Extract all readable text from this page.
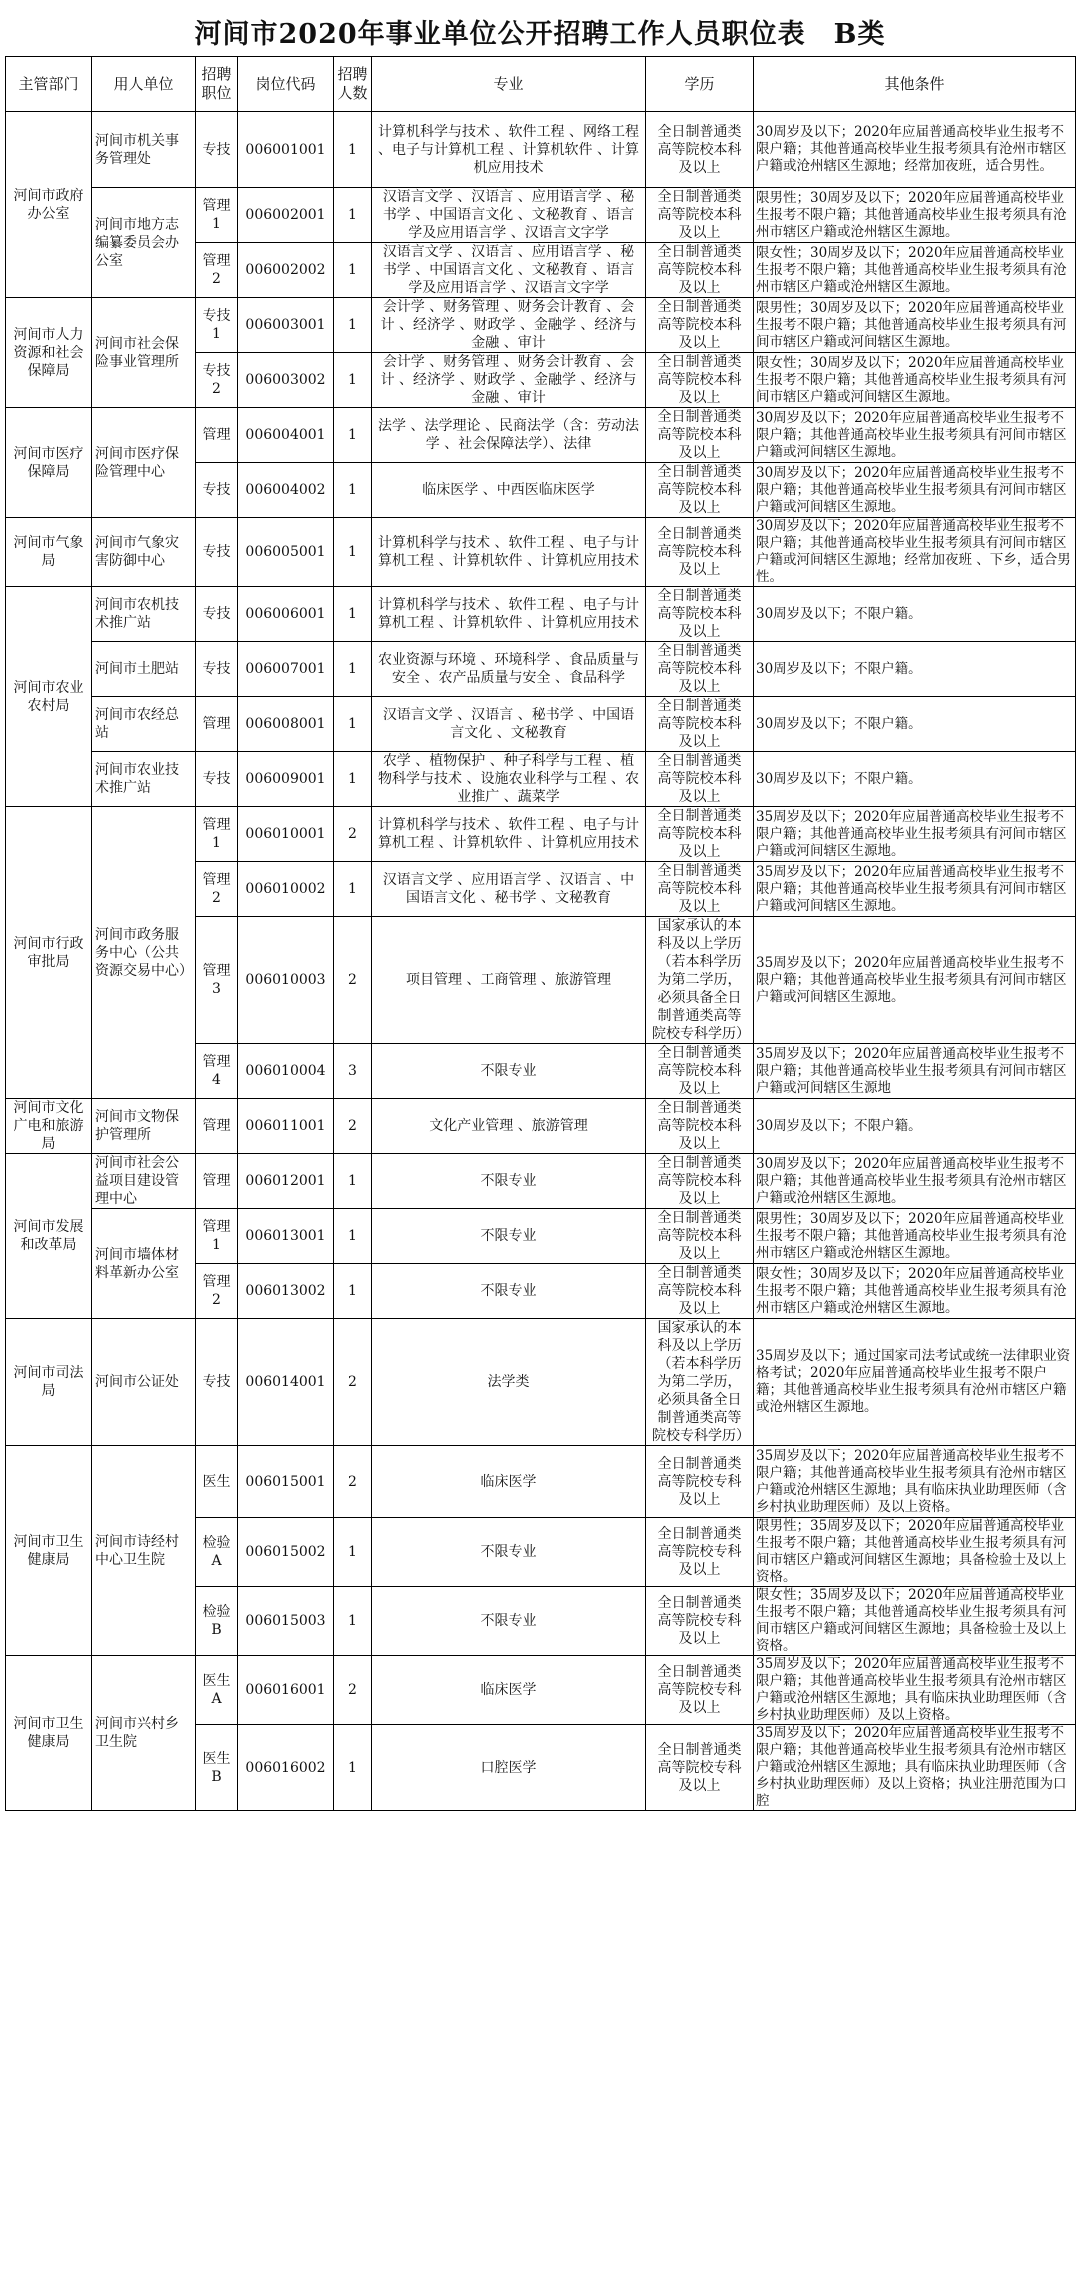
河间市2020年事业单位公开招聘工作人员职位表　B类
主管部门	用人单位	招聘职位	岗位代码	招聘人数	专业	学历	其他条件
河间市政府办公室	河间市机关事务管理处	专技	006001001	1	计算机科学与技术 、软件工程 、网络工程 、电子与计算机工程 、计算机软件 、计算机应用技术	全日制普通类高等院校本科及以上	30周岁及以下；2020年应届普通高校毕业生报考不限户籍；其他普通高校毕业生报考须具有沧州市辖区户籍或沧州辖区生源地；经常加夜班，适合男性。
	河间市地方志编纂委员会办公室	管理1	006002001	1	汉语言文学 、汉语言 、应用语言学 、秘书学 、中国语言文化 、文秘教育 、语言学及应用语言学 、汉语言文字学	全日制普通类高等院校本科及以上	限男性；30周岁及以下；2020年应届普通高校毕业生报考不限户籍；其他普通高校毕业生报考须具有沧州市辖区户籍或沧州辖区生源地。
		管理2	006002002	1	汉语言文学 、汉语言 、应用语言学 、秘书学 、中国语言文化 、文秘教育 、语言学及应用语言学 、汉语言文字学	全日制普通类高等院校本科及以上	限女性；30周岁及以下；2020年应届普通高校毕业生报考不限户籍；其他普通高校毕业生报考须具有沧州市辖区户籍或沧州辖区生源地。
河间市人力资源和社会保障局	河间市社会保险事业管理所	专技1	006003001	1	会计学 、财务管理 、财务会计教育 、会计 、经济学 、财政学 、金融学 、经济与金融 、审计	全日制普通类高等院校本科及以上	限男性；30周岁及以下；2020年应届普通高校毕业生报考不限户籍；其他普通高校毕业生报考须具有河间市辖区户籍或河间辖区生源地。
		专技2	006003002	1	会计学 、财务管理 、财务会计教育 、会计 、经济学 、财政学 、金融学 、经济与金融 、审计	全日制普通类高等院校本科及以上	限女性；30周岁及以下；2020年应届普通高校毕业生报考不限户籍；其他普通高校毕业生报考须具有河间市辖区户籍或河间辖区生源地。
河间市医疗保障局	河间市医疗保险管理中心	管理	006004001	1	法学 、法学理论 、民商法学（含：劳动法学 、社会保障法学）、法律	全日制普通类高等院校本科及以上	30周岁及以下；2020年应届普通高校毕业生报考不限户籍；其他普通高校毕业生报考须具有河间市辖区户籍或河间辖区生源地。
		专技	006004002	1	临床医学 、中西医临床医学	全日制普通类高等院校本科及以上	30周岁及以下；2020年应届普通高校毕业生报考不限户籍；其他普通高校毕业生报考须具有河间市辖区户籍或河间辖区生源地。
河间市气象局	河间市气象灾害防御中心	专技	006005001	1	计算机科学与技术 、软件工程 、电子与计算机工程 、计算机软件 、计算机应用技术	全日制普通类高等院校本科及以上	30周岁及以下；2020年应届普通高校毕业生报考不限户籍；其他普通高校毕业生报考须具有河间市辖区户籍或河间辖区生源地；经常加夜班 、下乡，适合男性。
河间市农业农村局	河间市农机技术推广站	专技	006006001	1	计算机科学与技术 、软件工程 、电子与计算机工程 、计算机软件 、计算机应用技术	全日制普通类高等院校本科及以上	30周岁及以下；不限户籍。
	河间市土肥站	专技	006007001	1	农业资源与环境 、环境科学 、食品质量与安全 、农产品质量与安全 、食品科学	全日制普通类高等院校本科及以上	30周岁及以下；不限户籍。
	河间市农经总站	管理	006008001	1	汉语言文学 、汉语言 、秘书学 、中国语言文化 、文秘教育	全日制普通类高等院校本科及以上	30周岁及以下；不限户籍。
	河间市农业技术推广站	专技	006009001	1	农学 、植物保护 、种子科学与工程 、植物科学与技术 、设施农业科学与工程 、农业推广 、蔬菜学	全日制普通类高等院校本科及以上	30周岁及以下；不限户籍。
河间市行政审批局	河间市政务服务中心（公共资源交易中心）	管理1	006010001	2	计算机科学与技术 、软件工程 、电子与计算机工程 、计算机软件 、计算机应用技术	全日制普通类高等院校本科及以上	35周岁及以下；2020年应届普通高校毕业生报考不限户籍；其他普通高校毕业生报考须具有河间市辖区户籍或河间辖区生源地。
		管理2	006010002	1	汉语言文学 、应用语言学 、汉语言 、中国语言文化 、秘书学 、文秘教育	全日制普通类高等院校本科及以上	35周岁及以下；2020年应届普通高校毕业生报考不限户籍；其他普通高校毕业生报考须具有河间市辖区户籍或河间辖区生源地。
		管理3	006010003	2	项目管理 、工商管理 、旅游管理	国家承认的本科及以上学历（若本科学历为第二学历，必须具备全日制普通类高等院校专科学历）	35周岁及以下；2020年应届普通高校毕业生报考不限户籍；其他普通高校毕业生报考须具有河间市辖区户籍或河间辖区生源地。
		管理4	006010004	3	不限专业	全日制普通类高等院校本科及以上	35周岁及以下；2020年应届普通高校毕业生报考不限户籍；其他普通高校毕业生报考须具有河间市辖区户籍或河间辖区生源地
河间市文化广电和旅游局	河间市文物保护管理所	管理	006011001	2	文化产业管理 、旅游管理	全日制普通类高等院校本科及以上	30周岁及以下；不限户籍。
河间市发展和改革局	河间市社会公益项目建设管理中心	管理	006012001	1	不限专业	全日制普通类高等院校本科及以上	30周岁及以下；2020年应届普通高校毕业生报考不限户籍；其他普通高校毕业生报考须具有沧州市辖区户籍或沧州辖区生源地。
	河间市墙体材料革新办公室	管理1	006013001	1	不限专业	全日制普通类高等院校本科及以上	限男性；30周岁及以下；2020年应届普通高校毕业生报考不限户籍；其他普通高校毕业生报考须具有沧州市辖区户籍或沧州辖区生源地。
		管理2	006013002	1	不限专业	全日制普通类高等院校本科及以上	限女性；30周岁及以下；2020年应届普通高校毕业生报考不限户籍；其他普通高校毕业生报考须具有沧州市辖区户籍或沧州辖区生源地。
河间市司法局	河间市公证处	专技	006014001	2	法学类	国家承认的本科及以上学历（若本科学历为第二学历，必须具备全日制普通类高等院校专科学历）	35周岁及以下；通过国家司法考试或统一法律职业资格考试；2020年应届普通高校毕业生报考不限户籍；其他普通高校毕业生报考须具有沧州市辖区户籍或沧州辖区生源地。
河间市卫生健康局	河间市诗经村中心卫生院	医生	006015001	2	临床医学	全日制普通类高等院校专科及以上	35周岁及以下；2020年应届普通高校毕业生报考不限户籍；其他普通高校毕业生报考须具有沧州市辖区户籍或沧州辖区生源地；具有临床执业助理医师（含乡村执业助理医师）及以上资格。
		检验A	006015002	1	不限专业	全日制普通类高等院校专科及以上	限男性；35周岁及以下；2020年应届普通高校毕业生报考不限户籍；其他普通高校毕业生报考须具有河间市辖区户籍或河间辖区生源地；具备检验士及以上资格。
		检验B	006015003	1	不限专业	全日制普通类高等院校专科及以上	限女性；35周岁及以下；2020年应届普通高校毕业生报考不限户籍；其他普通高校毕业生报考须具有河间市辖区户籍或河间辖区生源地；具备检验士及以上资格。
河间市卫生健康局	河间市兴村乡卫生院	医生A	006016001	2	临床医学	全日制普通类高等院校专科及以上	35周岁及以下；2020年应届普通高校毕业生报考不限户籍；其他普通高校毕业生报考须具有沧州市辖区户籍或沧州辖区生源地；具有临床执业助理医师（含乡村执业助理医师）及以上资格。
		医生B	006016002	1	口腔医学	全日制普通类高等院校专科及以上	35周岁及以下；2020年应届普通高校毕业生报考不限户籍；其他普通高校毕业生报考须具有沧州市辖区户籍或沧州辖区生源地；具有临床执业助理医师（含乡村执业助理医师）及以上资格；执业注册范围为口腔
